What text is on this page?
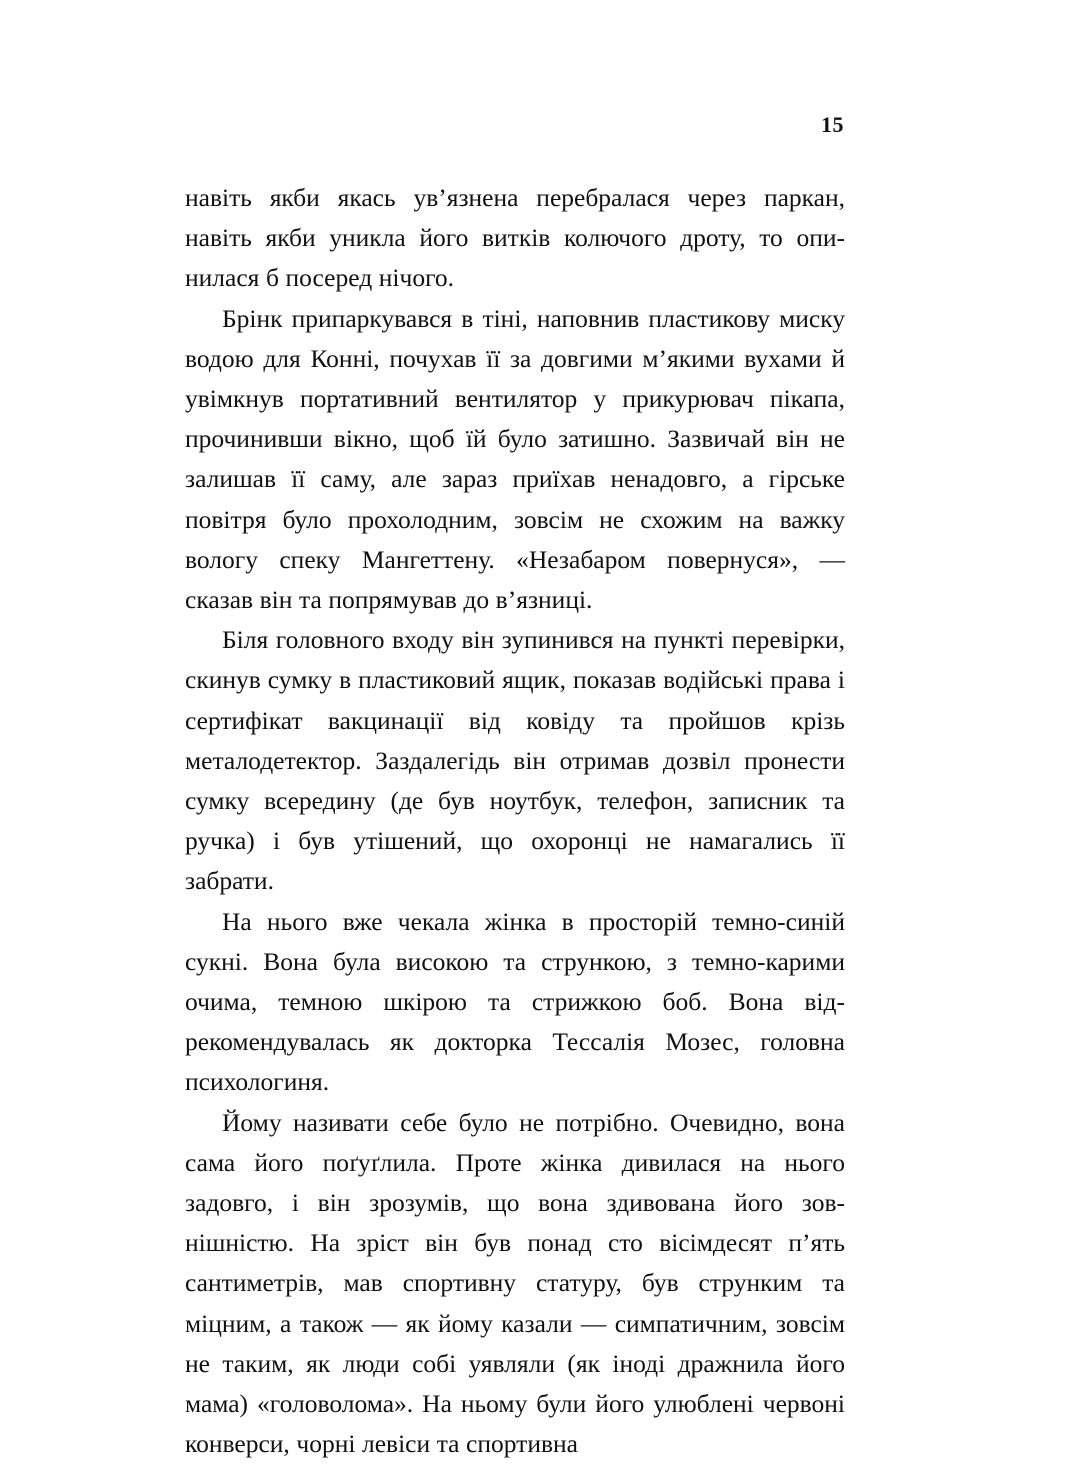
15

навіть якби якась ув’язнена перебралася через паркан, навіть якби уникла його витків колючого дроту, то опинилася б посеред нічого.

Брінк припаркувався в тіні, наповнив пластикову миску водою для Конні, почухав її за довгими м’якими вухами й увімкнув портативний вентилятор у прикурювач пікапа, прочинивши вікно, щоб їй було затишно. Зазвичай він не залишав її саму, але зараз приїхав ненадовго, а гірське повітря було прохолодним, зовсім не схожим на важку вологу спеку Мангеттену. «Незабаром повернуся», — сказав він та попрямував до в’язниці.

Біля головного входу він зупинився на пункті перевірки, скинув сумку в пластиковий ящик, показав водійські права і сертифікат вакцинації від ковіду та пройшов крізь металодетектор. Заздалегідь він отримав дозвіл пронести сумку всередину (де був ноутбук, телефон, записник та ручка) і був утішений, що охоронці не намагались її забрати.

На нього вже чекала жінка в просторій темно-синій сукні. Вона була високою та стрункою, з темно-карими очима, темною шкірою та стрижкою боб. Вона відрекомендувалась як докторка Тессалія Мозес, головна психологиня.

Йому називати себе було не потрібно. Очевидно, вона сама його поґуґлила. Проте жінка дивилася на нього задовго, і він зрозумів, що вона здивована його зовнішністю. На зріст він був понад сто вісімдесят п’ять сантиметрів, мав спортивну статуру, був струнким та міцним, а також — як йому казали — симпатичним, зовсім не таким, як люди собі уявляли (як іноді дражнила його мама) «головолома». На ньому були його улюблені червоні конверси, чорні левіси та спортивна
